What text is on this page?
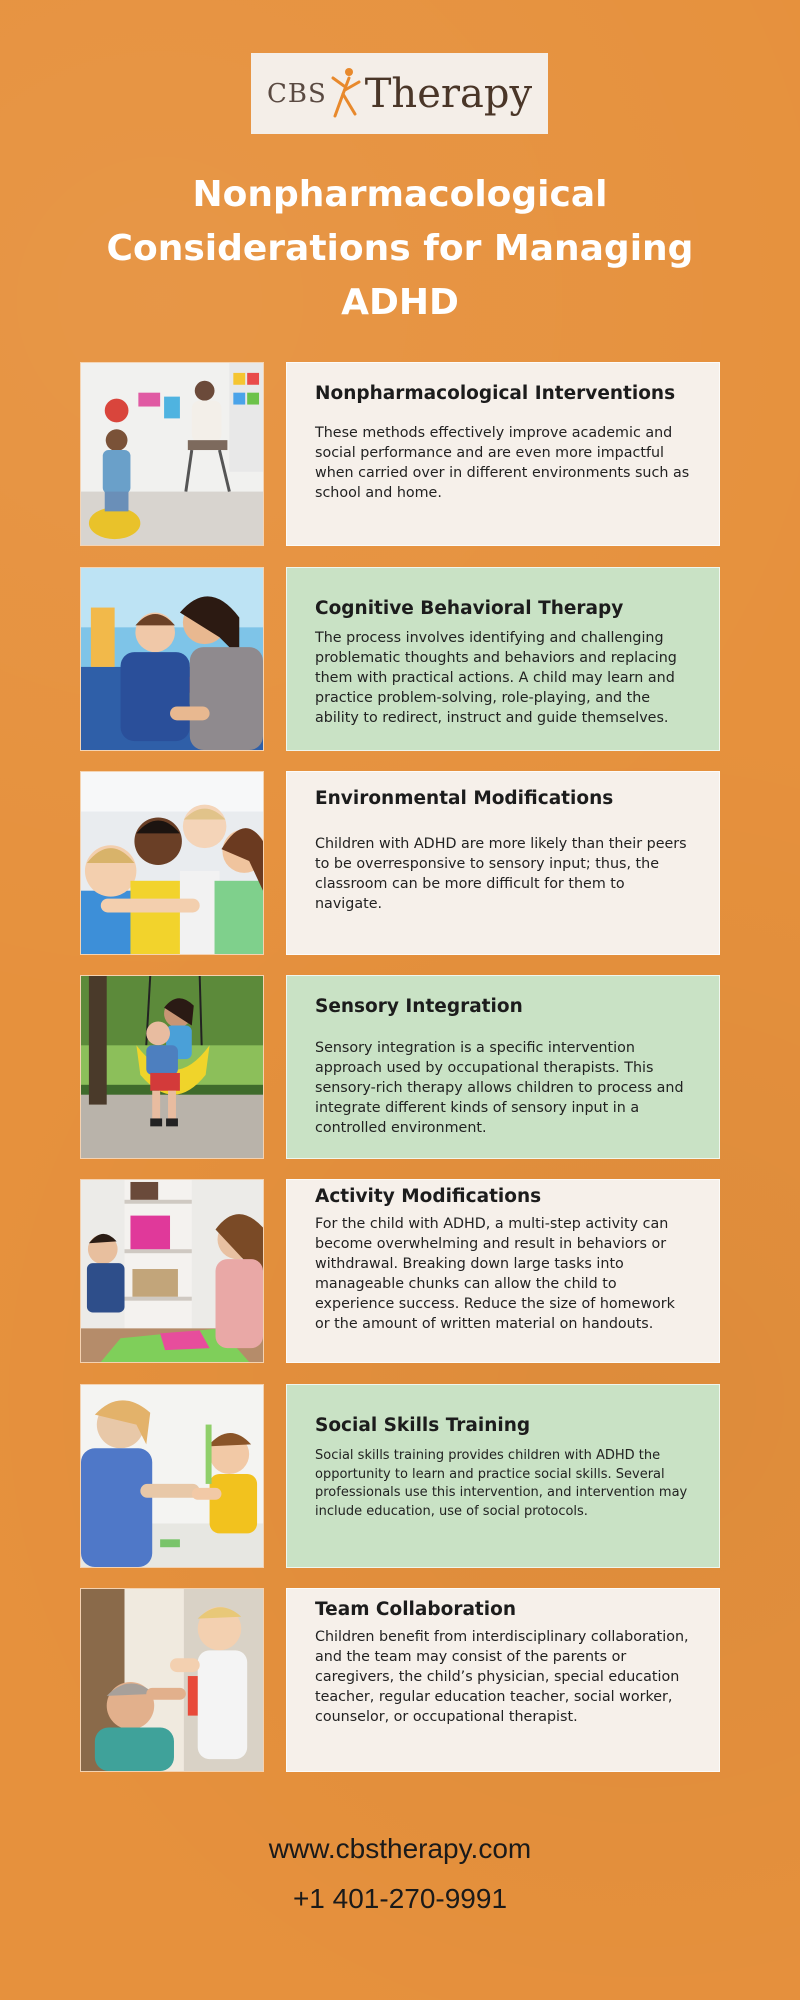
CBS Therapy
Nonpharmacological
Considerations for Managing
ADHD
Nonpharmacological Interventions
These methods effectively improve academic and social performance and are even more impactful when carried over in different environments such as school and home.
Cognitive Behavioral Therapy
The process involves identifying and challenging problematic thoughts and behaviors and replacing them with practical actions. A child may learn and practice problem-solving, role-playing, and the ability to redirect, instruct and guide themselves.
Environmental Modifications
Children with ADHD are more likely than their peers to be overresponsive to sensory input; thus, the classroom can be more difficult for them to navigate.
Sensory Integration
Sensory integration is a specific intervention approach used by occupational therapists. This sensory-rich therapy allows children to process and integrate different kinds of sensory input in a controlled environment.
Activity Modifications
For the child with ADHD, a multi-step activity can become overwhelming and result in behaviors or withdrawal. Breaking down large tasks into manageable chunks can allow the child to experience success. Reduce the size of homework or the amount of written material on handouts.
Social Skills Training
Social skills training provides children with ADHD the opportunity to learn and practice social skills. Several professionals use this intervention, and intervention may include education, use of social protocols.
Team Collaboration
Children benefit from interdisciplinary collaboration, and the team may consist of the parents or caregivers, the child’s physician, special education teacher, regular education teacher, social worker, counselor, or occupational therapist.
www.cbstherapy.com
+1 401-270-9991
